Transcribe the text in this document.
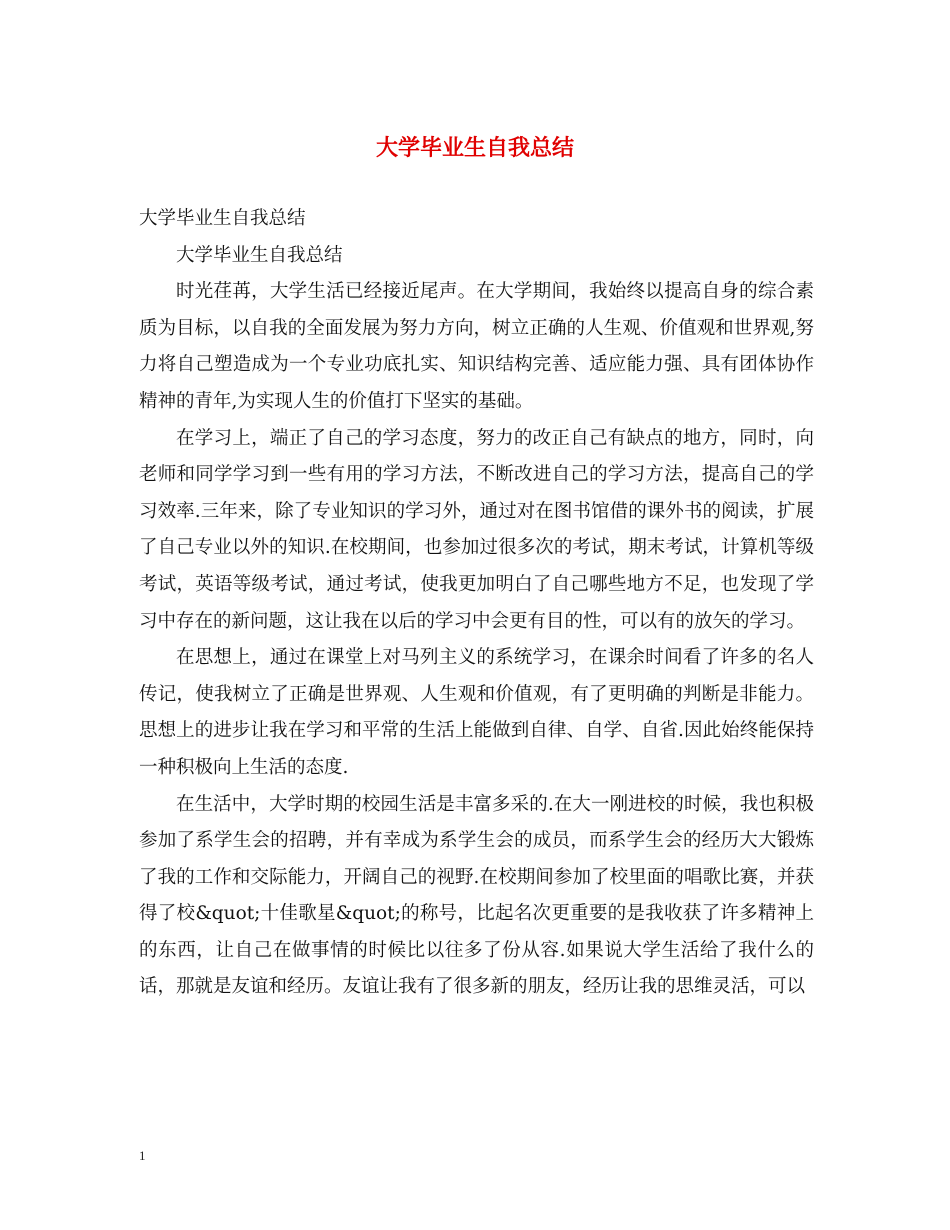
大学毕业生自我总结

大学毕业生自我总结

大学毕业生自我总结

时光荏苒，大学生活已经接近尾声。在大学期间，我始终以提高自身的综合素质为目标，以自我的全面发展为努力方向，树立正确的人生观、价值观和世界观,努力将自己塑造成为一个专业功底扎实、知识结构完善、适应能力强、具有团体协作精神的青年,为实现人生的价值打下坚实的基础。

在学习上，端正了自己的学习态度，努力的改正自己有缺点的地方，同时，向老师和同学学习到一些有用的学习方法，不断改进自己的学习方法，提高自己的学习效率.三年来，除了专业知识的学习外，通过对在图书馆借的课外书的阅读，扩展了自己专业以外的知识.在校期间，也参加过很多次的考试，期末考试，计算机等级考试，英语等级考试，通过考试，使我更加明白了自己哪些地方不足，也发现了学习中存在的新问题，这让我在以后的学习中会更有目的性，可以有的放矢的学习。

在思想上，通过在课堂上对马列主义的系统学习，在课余时间看了许多的名人传记，使我树立了正确是世界观、人生观和价值观，有了更明确的判断是非能力。思想上的进步让我在学习和平常的生活上能做到自律、自学、自省.因此始终能保持一种积极向上生活的态度.

在生活中，大学时期的校园生活是丰富多采的.在大一刚进校的时候，我也积极参加了系学生会的招聘，并有幸成为系学生会的成员，而系学生会的经历大大锻炼了我的工作和交际能力，开阔自己的视野.在校期间参加了校里面的唱歌比赛，并获得了校&quot;十佳歌星&quot;的称号，比起名次更重要的是我收获了许多精神上的东西，让自己在做事情的时候比以往多了份从容.如果说大学生活给了我什么的话，那就是友谊和经历。友谊让我有了很多新的朋友，经历让我的思维灵活，可以

1
